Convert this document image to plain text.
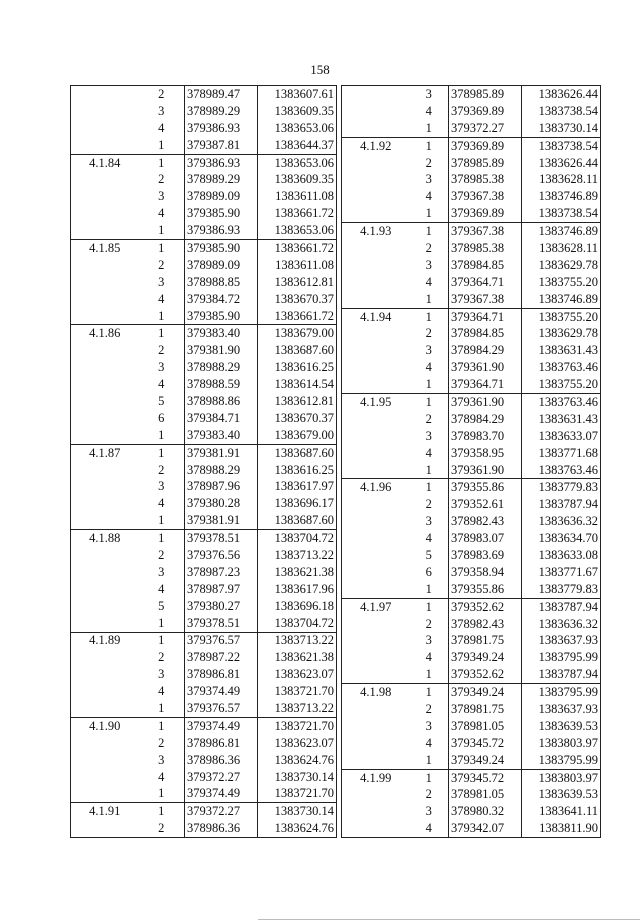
158
	2	378989.47	1383607.61
	3	378989.29	1383609.35
	4	379386.93	1383653.06
	1	379387.81	1383644.37
4.1.84	1	379386.93	1383653.06
	2	378989.29	1383609.35
	3	378989.09	1383611.08
	4	379385.90	1383661.72
	1	379386.93	1383653.06
4.1.85	1	379385.90	1383661.72
	2	378989.09	1383611.08
	3	378988.85	1383612.81
	4	379384.72	1383670.37
	1	379385.90	1383661.72
4.1.86	1	379383.40	1383679.00
	2	379381.90	1383687.60
	3	378988.29	1383616.25
	4	378988.59	1383614.54
	5	378988.86	1383612.81
	6	379384.71	1383670.37
	1	379383.40	1383679.00
4.1.87	1	379381.91	1383687.60
	2	378988.29	1383616.25
	3	378987.96	1383617.97
	4	379380.28	1383696.17
	1	379381.91	1383687.60
4.1.88	1	379378.51	1383704.72
	2	379376.56	1383713.22
	3	378987.23	1383621.38
	4	378987.97	1383617.96
	5	379380.27	1383696.18
	1	379378.51	1383704.72
4.1.89	1	379376.57	1383713.22
	2	378987.22	1383621.38
	3	378986.81	1383623.07
	4	379374.49	1383721.70
	1	379376.57	1383713.22
4.1.90	1	379374.49	1383721.70
	2	378986.81	1383623.07
	3	378986.36	1383624.76
	4	379372.27	1383730.14
	1	379374.49	1383721.70
4.1.91	1	379372.27	1383730.14
	2	378986.36	1383624.76
	3	378985.89	1383626.44
	4	379369.89	1383738.54
	1	379372.27	1383730.14
4.1.92	1	379369.89	1383738.54
	2	378985.89	1383626.44
	3	378985.38	1383628.11
	4	379367.38	1383746.89
	1	379369.89	1383738.54
4.1.93	1	379367.38	1383746.89
	2	378985.38	1383628.11
	3	378984.85	1383629.78
	4	379364.71	1383755.20
	1	379367.38	1383746.89
4.1.94	1	379364.71	1383755.20
	2	378984.85	1383629.78
	3	378984.29	1383631.43
	4	379361.90	1383763.46
	1	379364.71	1383755.20
4.1.95	1	379361.90	1383763.46
	2	378984.29	1383631.43
	3	378983.70	1383633.07
	4	379358.95	1383771.68
	1	379361.90	1383763.46
4.1.96	1	379355.86	1383779.83
	2	379352.61	1383787.94
	3	378982.43	1383636.32
	4	378983.07	1383634.70
	5	378983.69	1383633.08
	6	379358.94	1383771.67
	1	379355.86	1383779.83
4.1.97	1	379352.62	1383787.94
	2	378982.43	1383636.32
	3	378981.75	1383637.93
	4	379349.24	1383795.99
	1	379352.62	1383787.94
4.1.98	1	379349.24	1383795.99
	2	378981.75	1383637.93
	3	378981.05	1383639.53
	4	379345.72	1383803.97
	1	379349.24	1383795.99
4.1.99	1	379345.72	1383803.97
	2	378981.05	1383639.53
	3	378980.32	1383641.11
	4	379342.07	1383811.90
